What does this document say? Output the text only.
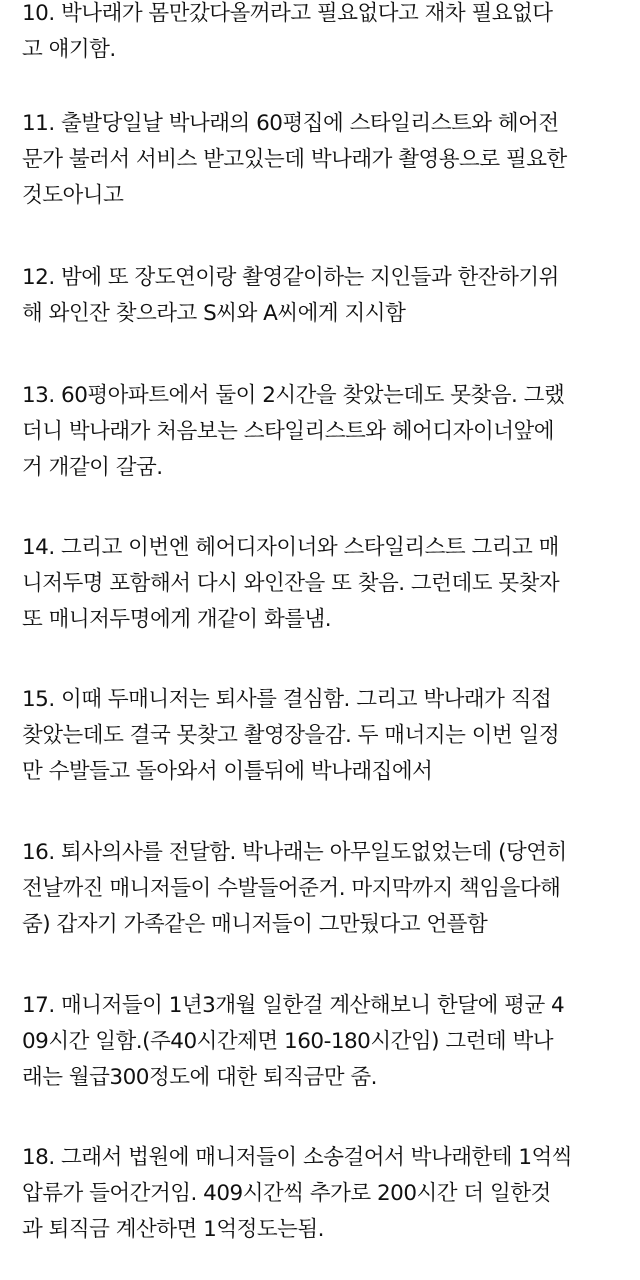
10. 박나래가 몸만갔다올꺼라고 필요없다고 재차 필요없다
고 얘기함.

11. 출발당일날 박나래의 60평집에 스타일리스트와 헤어전
문가 불러서 서비스 받고있는데 박나래가 촬영용으로 필요한
것도아니고

12. 밤에 또 장도연이랑 촬영같이하는 지인들과 한잔하기위
해 와인잔 찾으라고 S씨와 A씨에게 지시함

13. 60평아파트에서 둘이 2시간을 찾았는데도 못찾음. 그랬
더니 박나래가 처음보는 스타일리스트와 헤어디자이너앞에
거 개같이 갈굼.

14. 그리고 이번엔 헤어디자이너와 스타일리스트 그리고 매
니저두명 포함해서 다시 와인잔을 또 찾음. 그런데도 못찾자
또 매니저두명에게 개같이 화를냄.

15. 이때 두매니저는 퇴사를 결심함. 그리고 박나래가 직접
찾았는데도 결국 못찾고 촬영장을감. 두 매너지는 이번 일정
만 수발들고 돌아와서 이틀뒤에 박나래집에서

16. 퇴사의사를 전달함. 박나래는 아무일도없었는데 (당연히
전날까진 매니저들이 수발들어준거. 마지막까지 책임을다해
줌) 갑자기 가족같은 매니저들이 그만뒀다고 언플함

17. 매니저들이 1년3개월 일한걸 계산해보니 한달에 평균 4
09시간 일함.(주40시간제면 160-180시간임) 그런데 박나
래는 월급300정도에 대한 퇴직금만 줌.

18. 그래서 법원에 매니저들이 소송걸어서 박나래한테 1억씩
압류가 들어간거임. 409시간씩 추가로 200시간 더 일한것
과 퇴직금 계산하면 1억정도는됨.
